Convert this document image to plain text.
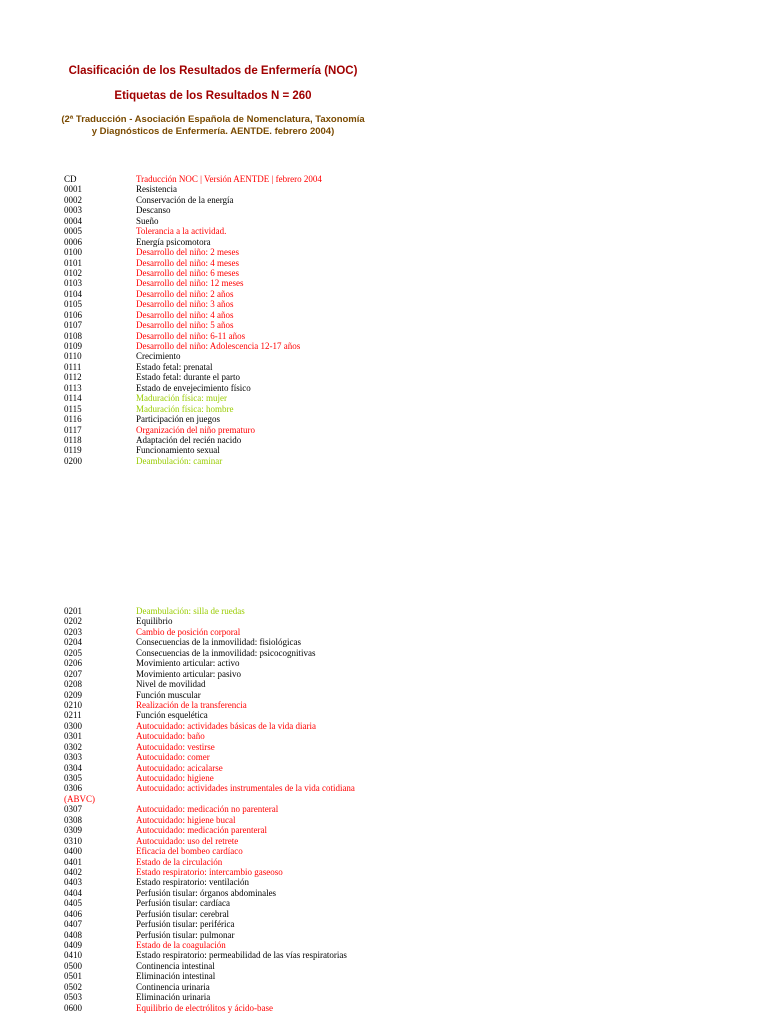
Clasificación de los Resultados de Enfermería (NOC)
Etiquetas de los Resultados N = 260
(2ª Traducción - Asociación Española de Nomenclatura, Taxonomía
y Diagnósticos de Enfermería. AENTDE. febrero 2004)
CD	Traducción NOC | Versión AENTDE | febrero 2004
0001	Resistencia
0002	Conservación de la energía
0003	Descanso
0004	Sueño
0005	Tolerancia a la actividad.
0006	Energía psicomotora
0100	Desarrollo del niño: 2 meses
0101	Desarrollo del niño: 4 meses
0102	Desarrollo del niño: 6 meses
0103	Desarrollo del niño: 12 meses
0104	Desarrollo del niño: 2 años
0105	Desarrollo del niño: 3 años
0106	Desarrollo del niño: 4 años
0107	Desarrollo del niño: 5 años
0108	Desarrollo del niño: 6-11 años
0109	Desarrollo del niño: Adolescencia 12-17 años
0110	Crecimiento
0111	Estado fetal: prenatal
0112	Estado fetal: durante el parto
0113	Estado de envejecimiento físico
0114	Maduración física: mujer
0115	Maduración física: hombre
0116	Participación en juegos
0117	Organización del niño prematuro
0118	Adaptación del recién nacido
0119	Funcionamiento sexual
0200	Deambulación: caminar
0201	Deambulación: silla de ruedas
0202	Equilibrio
0203	Cambio de posición corporal
0204	Consecuencias de la inmovilidad: fisiológicas
0205	Consecuencias de la inmovilidad: psicocognitivas
0206	Movimiento articular: activo
0207	Movimiento articular: pasivo
0208	Nivel de movilidad
0209	Función muscular
0210	Realización de la transferencia
0211	Función esquelética
0300	Autocuidado: actividades básicas de la vida diaria
0301	Autocuidado: baño
0302	Autocuidado: vestirse
0303	Autocuidado: comer
0304	Autocuidado: acicalarse
0305	Autocuidado: higiene
0306	Autocuidado: actividades instrumentales de la vida cotidiana
(ABVC)
0307	Autocuidado: medicación no parenteral
0308	Autocuidado: higiene bucal
0309	Autocuidado: medicación parenteral
0310	Autocuidado: uso del retrete
0400	Eficacia del bombeo cardíaco
0401	Estado de la circulación
0402	Estado respiratorio: intercambio gaseoso
0403	Estado respiratorio: ventilación
0404	Perfusión tisular: órganos abdominales
0405	Perfusión tisular: cardíaca
0406	Perfusión tisular: cerebral
0407	Perfusión tisular: periférica
0408	Perfusión tisular: pulmonar
0409	Estado de la coagulación
0410	Estado respiratorio: permeabilidad de las vías respiratorias
0500	Continencia intestinal
0501	Eliminación intestinal
0502	Continencia urinaria
0503	Eliminación urinaria
0600	Equilibrio de electrólitos y ácido-base
